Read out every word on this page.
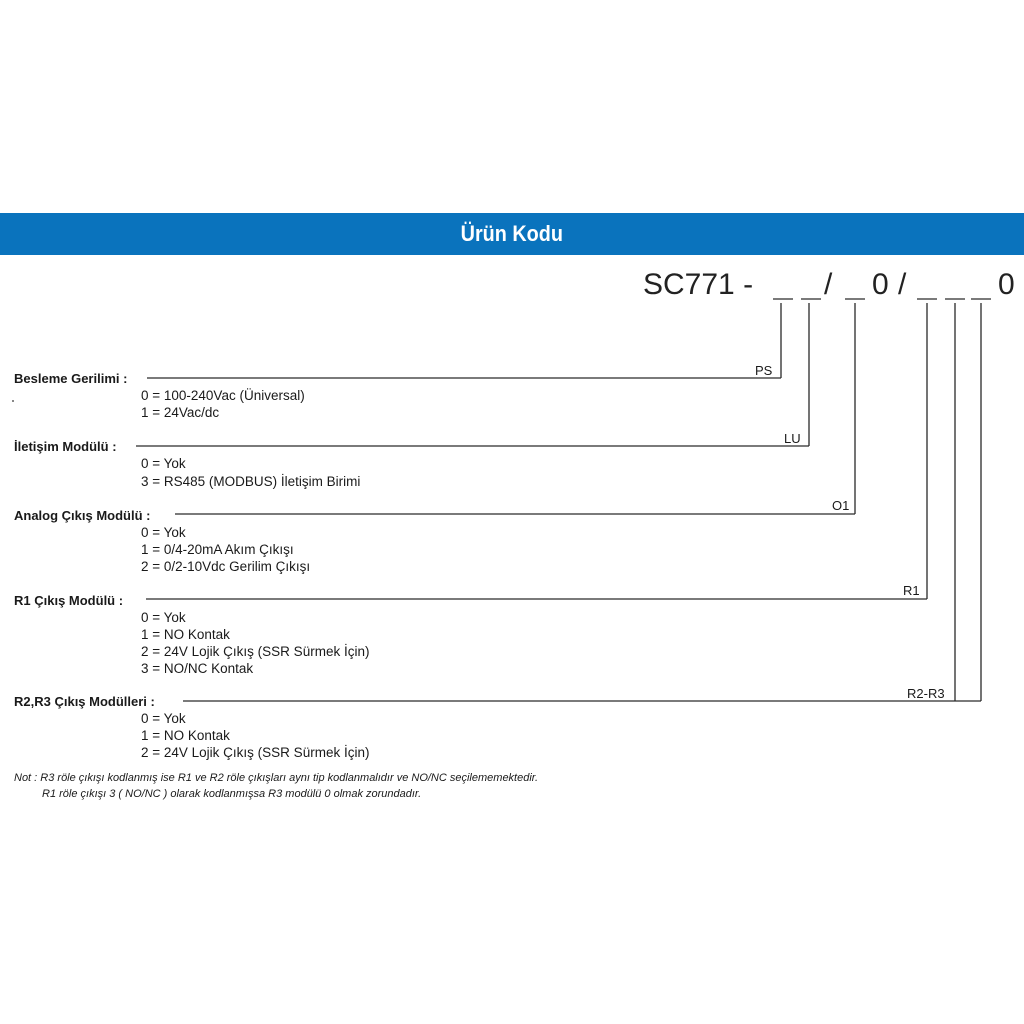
Ürün Kodu
SC771 - / 0 /	0
Besleme Gerilimi :
PS
0 = 100-240Vac (Üniversal)
1 = 24Vac/dc
İletişim Modülü :
LU
0 = Yok
3 = RS485 (MODBUS) İletişim Birimi
Analog Çıkış Modülü :
O1
0 = Yok
1 = 0/4-20mA Akım Çıkışı
2 = 0/2-10Vdc Gerilim Çıkışı
R1 Çıkış Modülü :
R1
0 = Yok
1 = NO Kontak
2 = 24V Lojik Çıkış (SSR Sürmek İçin)
3 = NO/NC Kontak
R2,R3 Çıkış Modülleri :
R2-R3
0 = Yok
1 = NO Kontak
2 = 24V Lojik Çıkış (SSR Sürmek İçin)
Not : R3 röle çıkışı kodlanmış ise R1 ve R2 röle çıkışları aynı tip kodlanmalıdır ve NO/NC seçilememektedir.
R1 röle çıkışı 3 ( NO/NC ) olarak kodlanmışsa R3 modülü 0 olmak zorundadır.
